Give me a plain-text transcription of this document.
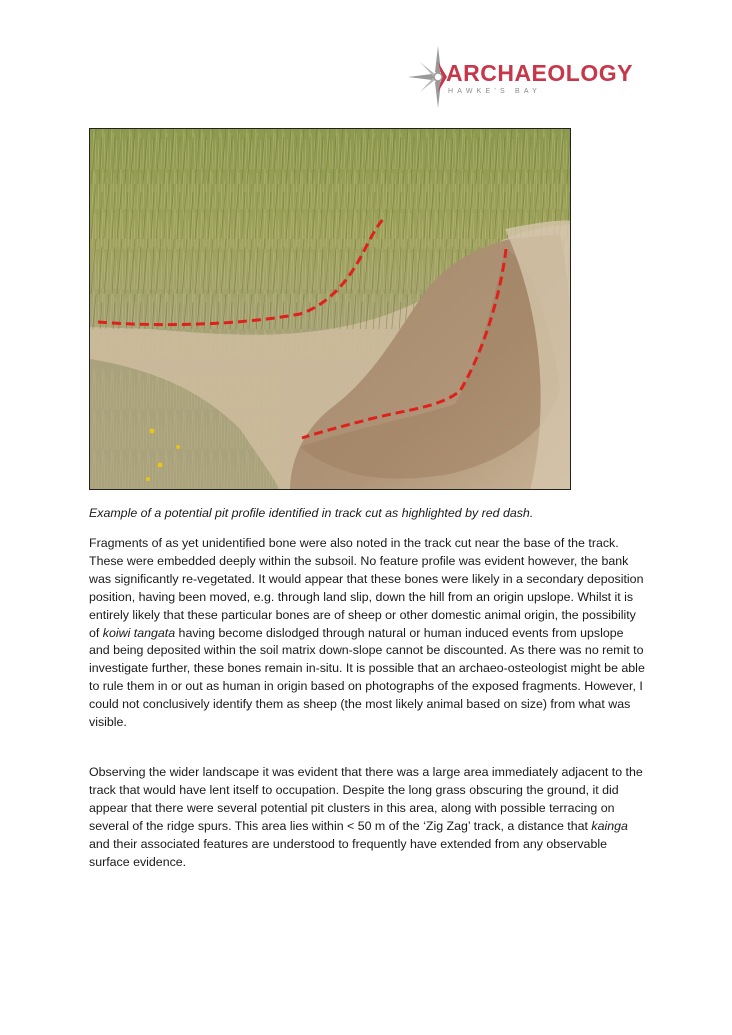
ARCHAEOLOGY
HAWKE'S BAY
Example of a potential pit profile identified in track cut as highlighted by red dash.

Fragments of as yet unidentified bone were also noted in the track cut near the base of the track. These were embedded deeply within the subsoil. No feature profile was evident however, the bank was significantly re-vegetated. It would appear that these bones were likely in a secondary deposition position, having been moved, e.g. through land slip, down the hill from an origin upslope. Whilst it is entirely likely that these particular bones are of sheep or other domestic animal origin, the possibility of koiwi tangata having become dislodged through natural or human induced events from upslope and being deposited within the soil matrix down-slope cannot be discounted. As there was no remit to investigate further, these bones remain in-situ. It is possible that an archaeo-osteologist might be able to rule them in or out as human in origin based on photographs of the exposed fragments. However, I could not conclusively identify them as sheep (the most likely animal based on size) from what was visible.

Observing the wider landscape it was evident that there was a large area immediately adjacent to the track that would have lent itself to occupation. Despite the long grass obscuring the ground, it did appear that there were several potential pit clusters in this area, along with possible terracing on several of the ridge spurs. This area lies within < 50 m of the ‘Zig Zag’ track, a distance that kainga and their associated features are understood to frequently have extended from any observable surface evidence.
